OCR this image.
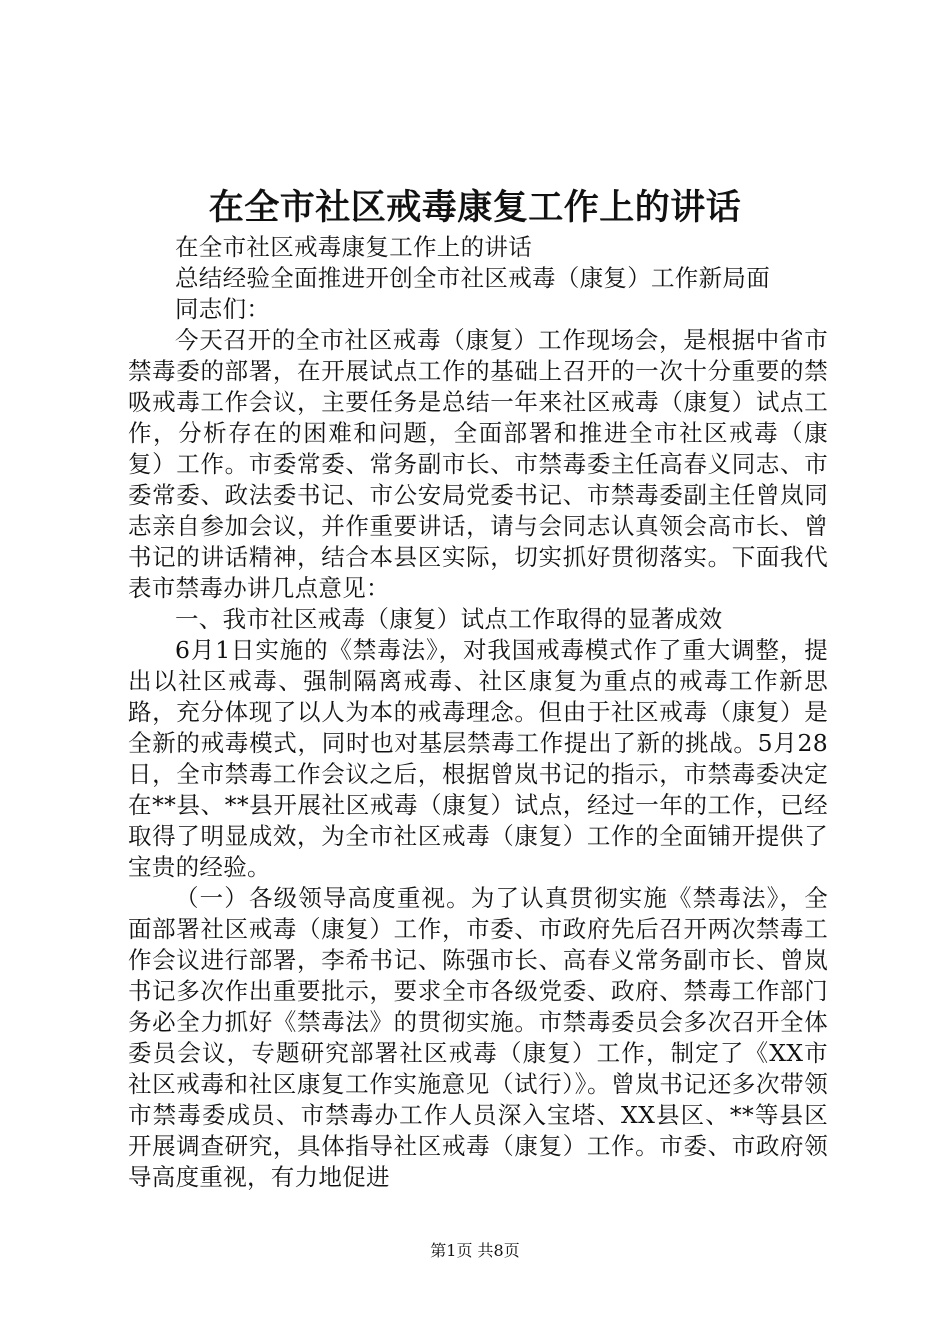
在全市社区戒毒康复工作上的讲话

在全市社区戒毒康复工作上的讲话

总结经验全面推进开创全市社区戒毒（康复）工作新局面

同志们：

今天召开的全市社区戒毒（康复）工作现场会，是根据中省市禁毒委的部署，在开展试点工作的基础上召开的一次十分重要的禁吸戒毒工作会议，主要任务是总结一年来社区戒毒（康复）试点工作，分析存在的困难和问题，全面部署和推进全市社区戒毒（康复）工作。市委常委、常务副市长、市禁毒委主任高春义同志、市委常委、政法委书记、市公安局党委书记、市禁毒委副主任曾岚同志亲自参加会议，并作重要讲话，请与会同志认真领会高市长、曾书记的讲话精神，结合本县区实际，切实抓好贯彻落实。下面我代表市禁毒办讲几点意见：

一、我市社区戒毒（康复）试点工作取得的显著成效

6月1日实施的《禁毒法》，对我国戒毒模式作了重大调整，提出以社区戒毒、强制隔离戒毒、社区康复为重点的戒毒工作新思路，充分体现了以人为本的戒毒理念。但由于社区戒毒（康复）是全新的戒毒模式，同时也对基层禁毒工作提出了新的挑战。5月28日，全市禁毒工作会议之后，根据曾岚书记的指示，市禁毒委决定在**县、**县开展社区戒毒（康复）试点，经过一年的工作，已经取得了明显成效，为全市社区戒毒（康复）工作的全面铺开提供了宝贵的经验。

（一）各级领导高度重视。为了认真贯彻实施《禁毒法》，全面部署社区戒毒（康复）工作，市委、市政府先后召开两次禁毒工作会议进行部署，李希书记、陈强市长、高春义常务副市长、曾岚书记多次作出重要批示，要求全市各级党委、政府、禁毒工作部门务必全力抓好《禁毒法》的贯彻实施。市禁毒委员会多次召开全体委员会议，专题研究部署社区戒毒（康复）工作，制定了《XX市社区戒毒和社区康复工作实施意见（试行）》。曾岚书记还多次带领市禁毒委成员、市禁毒办工作人员深入宝塔、XX县区、**等县区开展调查研究，具体指导社区戒毒（康复）工作。市委、市政府领导高度重视，有力地促进

第1页 共8页
